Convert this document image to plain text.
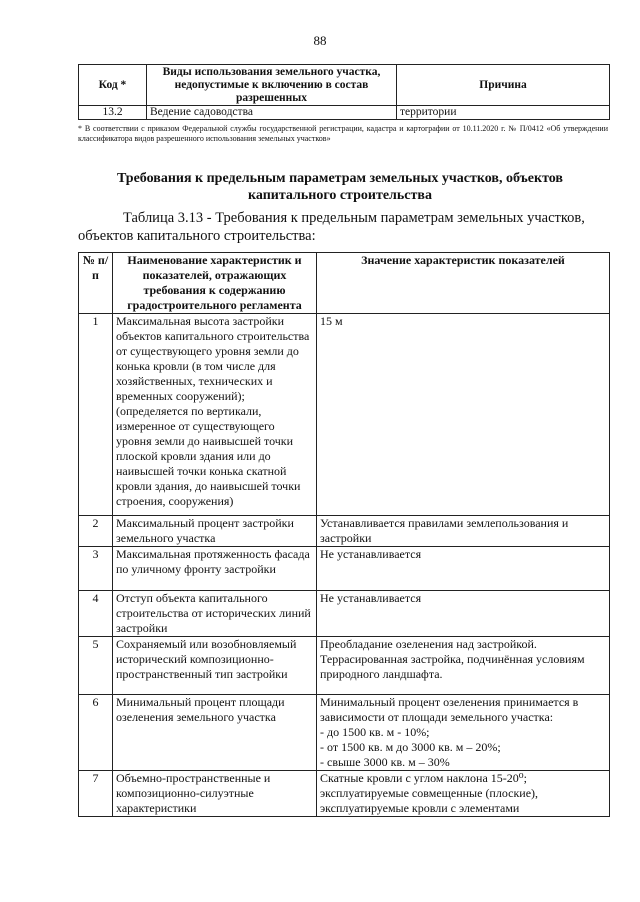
88
Код *	Виды использования земельного участка, недопустимые к включению в состав разрешенных	Причина
13.2	Ведение садоводства	территории
* В соответствии с приказом Федеральной службы государственной регистрации, кадастра и картографии от 10.11.2020 г. № П/0412 «Об утверждении классификатора видов разрешенного использования земельных участков»
Требования к предельным параметрам земельных участков, объектов капитального строительства
Таблица 3.13 - Требования к предельным параметрам земельных участков, объектов капитального строительства:
№ п/п	Наименование характеристик и показателей, отражающих требования к содержанию градостроительного регламента	Значение характеристик показателей
1	Максимальная высота застройки объектов капитального строительства от существующего уровня земли до конька кровли (в том числе для хозяйственных, технических и временных сооружений); (определяется по вертикали, измеренное от существующего уровня земли до наивысшей точки плоской кровли здания или до наивысшей точки конька скатной кровли здания, до наивысшей точки строения, сооружения)	15 м

2	Максимальный процент застройки земельного участка	Устанавливается правилами землепользования и застройки

3	Максимальная протяженность фасада по уличному фронту застройки	Не устанавливается

4	Отступ объекта капитального строительства от исторических линий застройки	Не устанавливается

5	Сохраняемый или возобновляемый исторический композиционно-пространственный тип застройки	Преобладание озеленения над застройкой.
Террасированная застройка, подчинённая условиям природного ландшафта.

6	Минимальный процент площади озеленения земельного участка	Минимальный процент озеленения принимается в зависимости от площади земельного участка:
- до 1500 кв. м - 10%;
- от 1500 кв. м до 3000 кв. м – 20%;
- свыше 3000 кв. м – 30%

7	Объемно-пространственные и композиционно-силуэтные характеристики	Скатные кровли с углом наклона 15-20⁰;
эксплуатируемые совмещенные (плоские),
эксплуатируемые кровли с элементами
